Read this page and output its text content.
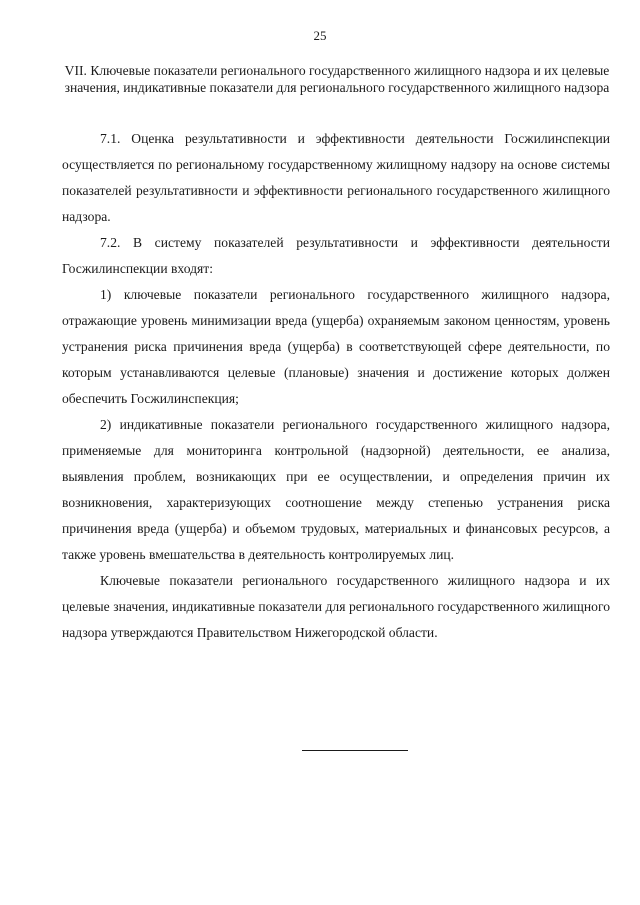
25
VII. Ключевые показатели регионального государственного жилищного надзора и их целевые значения, индикативные показатели для регионального государственного жилищного надзора

7.1. Оценка результативности и эффективности деятельности Госжилинспекции осуществляется по региональному государственному жилищному надзору на основе системы показателей результативности и эффективности регионального государственного жилищного надзора.

7.2. В систему показателей результативности и эффективности деятельности Госжилинспекции входят:

1) ключевые показатели регионального государственного жилищного надзора, отражающие уровень минимизации вреда (ущерба) охраняемым законом ценностям, уровень устранения риска причинения вреда (ущерба) в соответствующей сфере деятельности, по которым устанавливаются целевые (плановые) значения и достижение которых должен обеспечить Госжилинспекция;

2) индикативные показатели регионального государственного жилищного надзора, применяемые для мониторинга контрольной (надзорной) деятельности, ее анализа, выявления проблем, возникающих при ее осуществлении, и определения причин их возникновения, характеризующих соотношение между степенью устранения риска причинения вреда (ущерба) и объемом трудовых, материальных и финансовых ресурсов, а также уровень вмешательства в деятельность контролируемых лиц.

Ключевые показатели регионального государственного жилищного надзора и их целевые значения, индикативные показатели для регионального государственного жилищного надзора утверждаются Правительством Нижегородской области.
